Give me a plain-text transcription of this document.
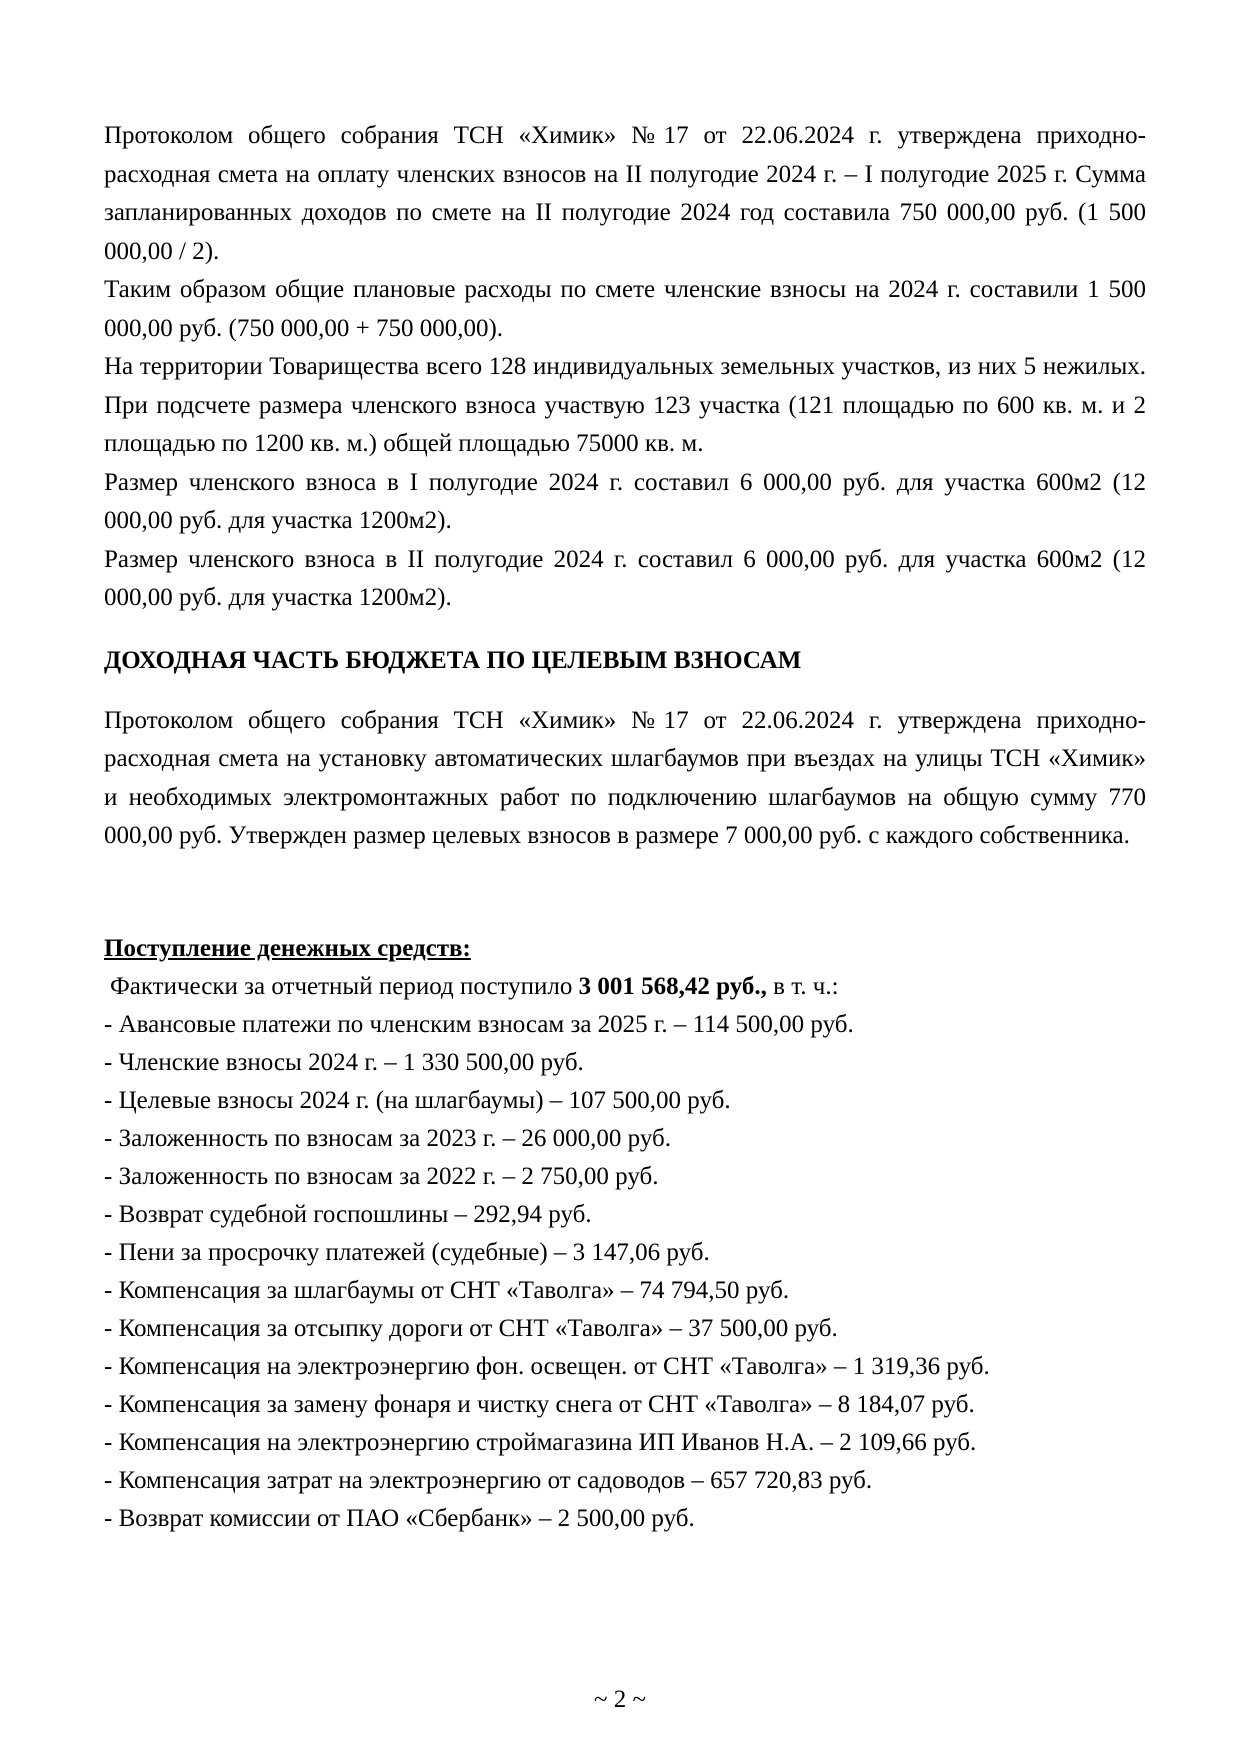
Протоколом общего собрания ТСН «Химик» №17 от 22.06.2024 г. утверждена приходно-расходная смета на оплату членских взносов на II полугодие 2024 г. – I полугодие 2025 г. Сумма запланированных доходов по смете на II полугодие 2024 год составила 750 000,00 руб. (1 500 000,00 / 2).

Таким образом общие плановые расходы по смете членские взносы на 2024 г. составили 1 500 000,00 руб. (750 000,00 + 750 000,00).

На территории Товарищества всего 128 индивидуальных земельных участков, из них 5 нежилых. При подсчете размера членского взноса участвую 123 участка (121 площадью по 600 кв. м. и 2 площадью по 1200 кв. м.) общей площадью 75000 кв. м.

Размер членского взноса в I полугодие 2024 г. составил 6 000,00 руб. для участка 600м2 (12 000,00 руб. для участка 1200м2).

Размер членского взноса в II полугодие 2024 г. составил 6 000,00 руб. для участка 600м2 (12 000,00 руб. для участка 1200м2).

ДОХОДНАЯ ЧАСТЬ БЮДЖЕТА ПО ЦЕЛЕВЫМ ВЗНОСАМ

Протоколом общего собрания ТСН «Химик» №17 от 22.06.2024 г. утверждена приходно-расходная смета на установку автоматических шлагбаумов при въездах на улицы ТСН «Химик» и необходимых электромонтажных работ по подключению шлагбаумов на общую сумму 770 000,00 руб. Утвержден размер целевых взносов в размере 7 000,00 руб. с каждого собственника.

Поступление денежных средств:

Фактически за отчетный период поступило 3 001 568,42 руб., в т. ч.:

- Авансовые платежи по членским взносам за 2025 г. – 114 500,00 руб.
- Членские взносы 2024 г. – 1 330 500,00 руб.
- Целевые взносы 2024 г. (на шлагбаумы) – 107 500,00 руб.
- Заложенность по взносам за 2023 г. – 26 000,00 руб.
- Заложенность по взносам за 2022 г. – 2 750,00 руб.
- Возврат судебной госпошлины – 292,94 руб.
- Пени за просрочку платежей (судебные) – 3 147,06 руб.
- Компенсация за шлагбаумы от СНТ «Таволга» – 74 794,50 руб.
- Компенсация за отсыпку дороги от СНТ «Таволга» – 37 500,00 руб.
- Компенсация на электроэнергию фон. освещен. от СНТ «Таволга» – 1 319,36 руб.
- Компенсация за замену фонаря и чистку снега от СНТ «Таволга» – 8 184,07 руб.
- Компенсация на электроэнергию строймагазина ИП Иванов Н.А. – 2 109,66 руб.
- Компенсация затрат на электроэнергию от садоводов – 657 720,83 руб.
- Возврат комиссии от ПАО «Сбербанк» – 2 500,00 руб.
~ 2 ~
